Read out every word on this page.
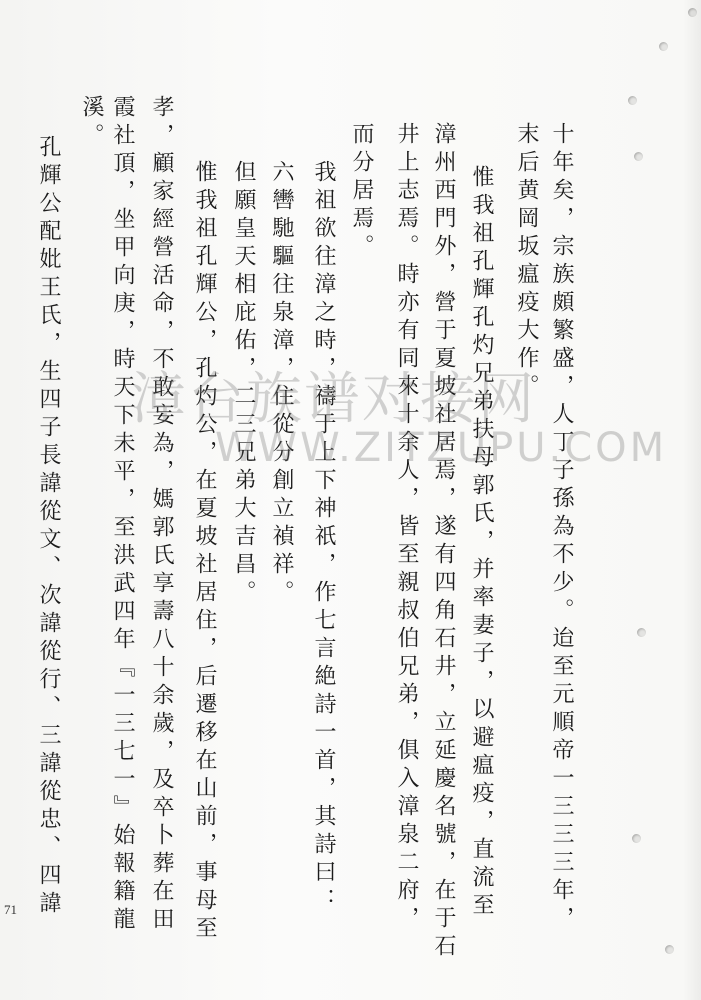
十年矣，宗族頗繁盛，人丁子孫為不少。迨至元順帝一三三三年，
末后黄岡坂瘟疫大作。
惟我祖孔輝孔灼兄弟扶母郭氏，并率妻子，以避瘟疫，直流至
漳州西門外，營于夏坡社居焉，遂有四角石井，立延慶名號，在于石
井上志焉。時亦有同來十余人，皆至親叔伯兄弟，俱入漳泉二府，
而分居焉。
我祖欲往漳之時，禱于上下神祇，作七言絶詩一首，其詩曰：
六轡馳驅往泉漳，住從分創立禎祥。
但願皇天相庇佑，二三兄弟大吉昌。
惟我祖孔輝公，孔灼公，在夏坡社居住，后遷移在山前，事母至
孝，顧家經營活命，不敢妄為，媽郭氏享壽八十余歲，及卒卜葬在田
霞社頂，坐甲向庚，時天下未平，至洪武四年『一三七一』始報籍龍
溪。
孔輝公配妣王氏，生四子長諱從文、次諱從行、三諱從忠、四諱 漳台族谱对接网
WWW.ZITZUPU.COM
71
